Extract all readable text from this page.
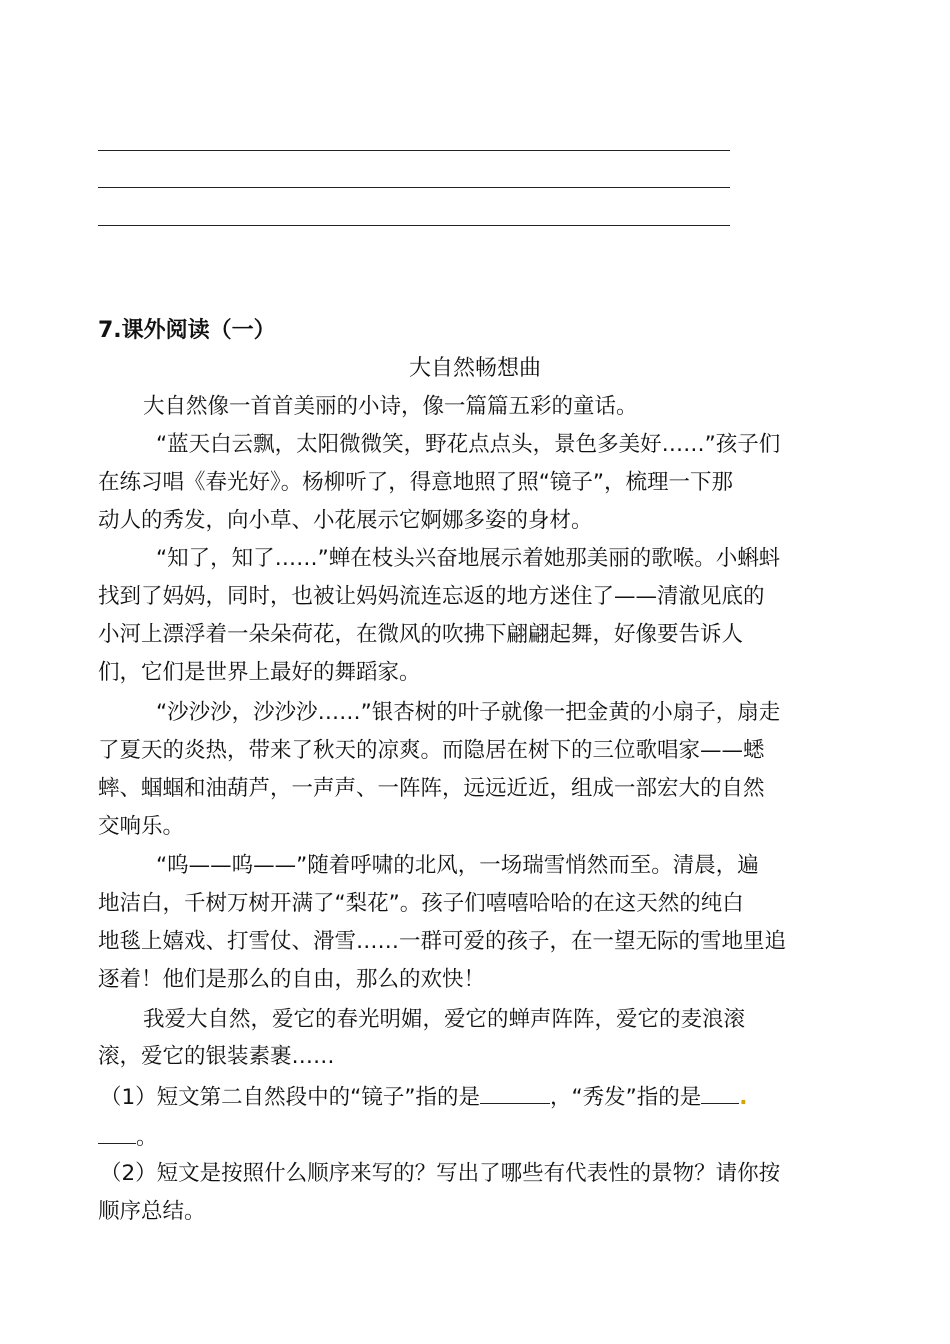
7.课外阅读（一）
大自然畅想曲
大自然像一首首美丽的小诗，像一篇篇五彩的童话。
“蓝天白云飘，太阳微微笑，野花点点头，景色多美好……”孩子们
在练习唱《春光好》。杨柳听了，得意地照了照“镜子”，梳理一下那
动人的秀发，向小草、小花展示它婀娜多姿的身材。
“知了，知了……”蝉在枝头兴奋地展示着她那美丽的歌喉。小蝌蚪
找到了妈妈，同时，也被让妈妈流连忘返的地方迷住了——清澈见底的
小河上漂浮着一朵朵荷花，在微风的吹拂下翩翩起舞，好像要告诉人
们，它们是世界上最好的舞蹈家。
“沙沙沙，沙沙沙……”银杏树的叶子就像一把金黄的小扇子，扇走
了夏天的炎热，带来了秋天的凉爽。而隐居在树下的三位歌唱家——蟋
蟀、蝈蝈和油葫芦，一声声、一阵阵，远远近近，组成一部宏大的自然
交响乐。
“呜——呜——”随着呼啸的北风，一场瑞雪悄然而至。清晨，遍
地洁白，千树万树开满了“梨花”。孩子们嘻嘻哈哈的在这天然的纯白
地毯上嬉戏、打雪仗、滑雪……一群可爱的孩子，在一望无际的雪地里追
逐着！他们是那么的自由，那么的欢快！
我爱大自然，爱它的春光明媚，爱它的蝉声阵阵，爱它的麦浪滚
滚，爱它的银装素裹……
（1）短文第二自然段中的“镜子”指的是	，“秀发”指的是 .
。
（2）短文是按照什么顺序来写的？写出了哪些有代表性的景物？请你按
顺序总结。
